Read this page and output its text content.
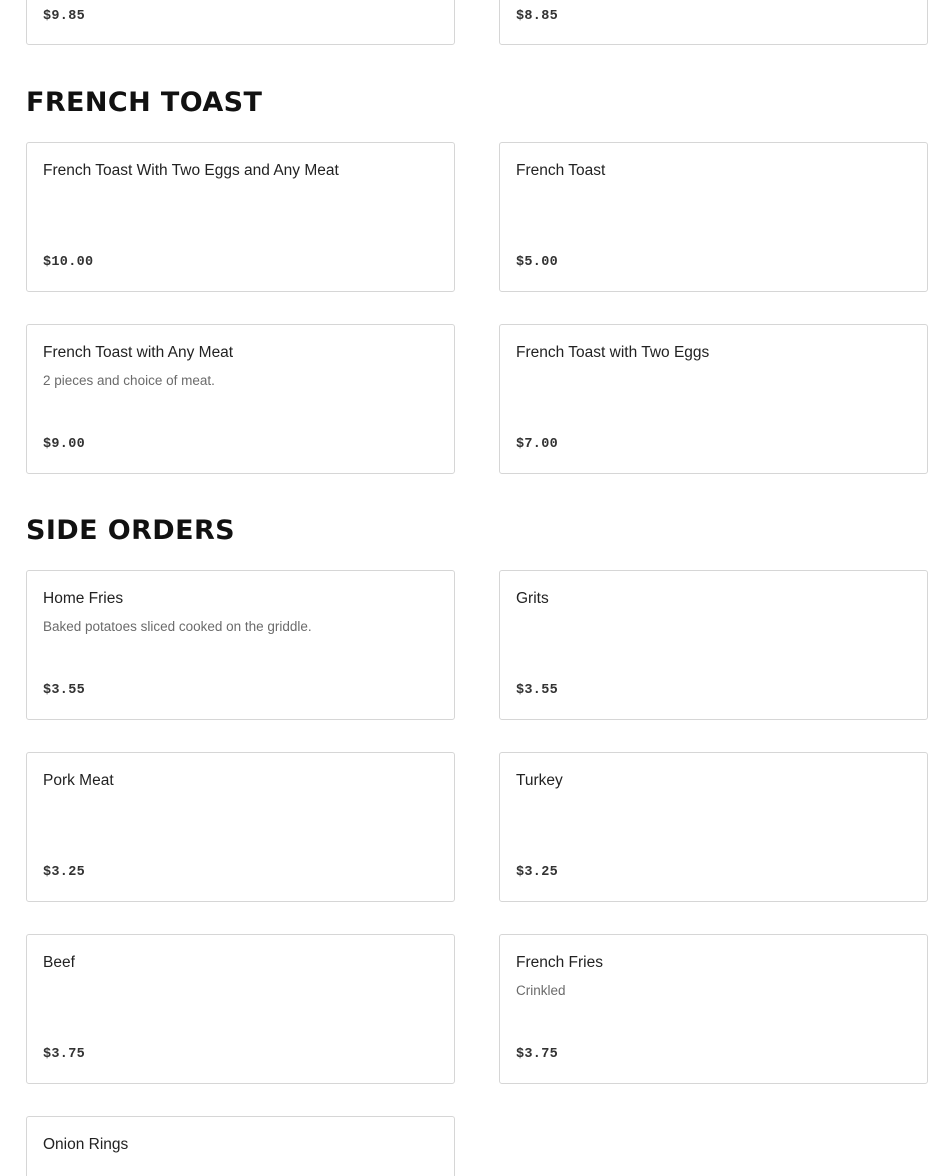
$9.85	$8.85
FRENCH TOAST
French Toast With Two Eggs and Any Meat
$10.00
French Toast
$5.00
French Toast with Any Meat
2 pieces and choice of meat.
$9.00
French Toast with Two Eggs
$7.00
SIDE ORDERS
Home Fries
Baked potatoes sliced cooked on the griddle.
$3.55
Grits
$3.55
Pork Meat
$3.25
Turkey
$3.25
Beef
$3.75
French Fries
Crinkled
$3.75
Onion Rings
